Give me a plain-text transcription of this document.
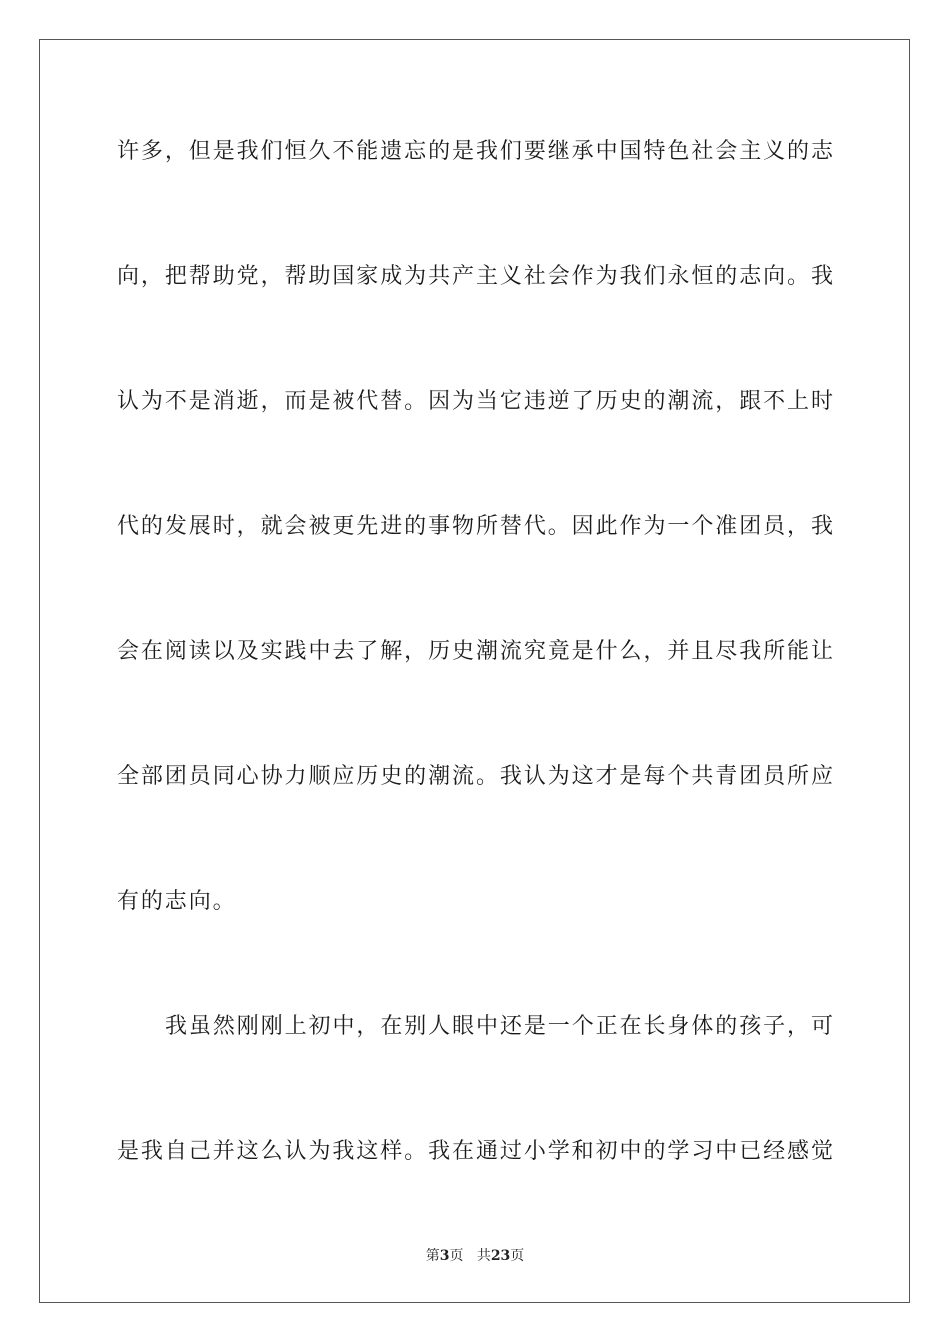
许多，但是我们恒久不能遗忘的是我们要继承中国特色社会主义的志
向，把帮助党，帮助国家成为共产主义社会作为我们永恒的志向。我
认为不是消逝，而是被代替。因为当它违逆了历史的潮流，跟不上时
代的发展时，就会被更先进的事物所替代。因此作为一个准团员，我
会在阅读以及实践中去了解，历史潮流究竟是什么，并且尽我所能让
全部团员同心协力顺应历史的潮流。我认为这才是每个共青团员所应
有的志向。
我虽然刚刚上初中，在别人眼中还是一个正在长身体的孩子，可
是我自己并这么认为我这样。我在通过小学和初中的学习中已经感觉
第3页 共23页
